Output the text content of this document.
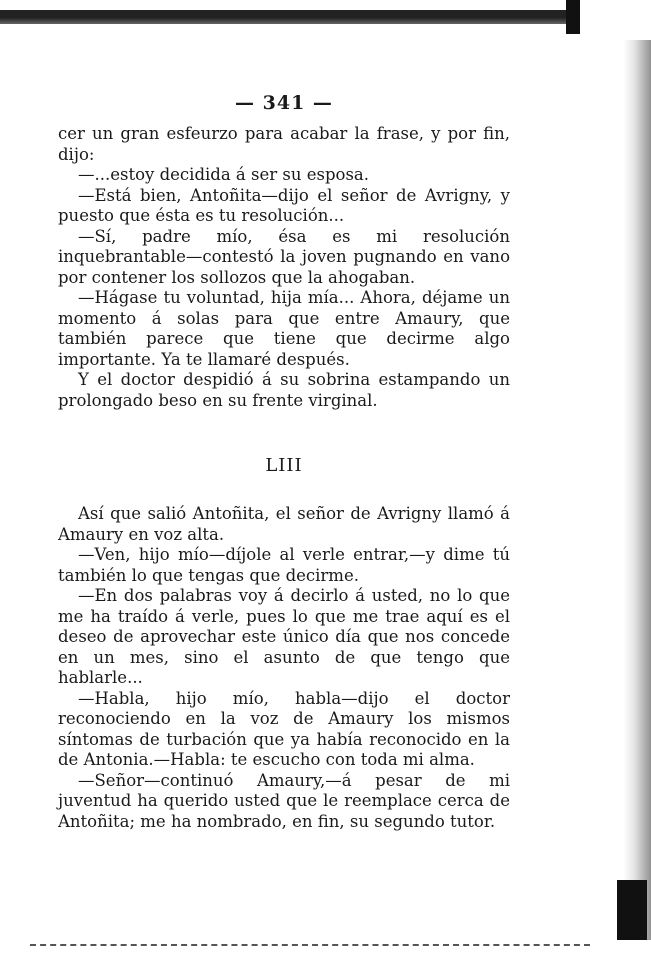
— 341 —

cer un gran esfeurzo para acabar la frase, y por fin, dijo:

—...estoy decidida á ser su esposa.

—Está bien, Antoñita—dijo el señor de Avrigny, y puesto que ésta es tu resolución...

—Sí, padre mío, ésa es mi resolución inquebrantable—contestó la joven pugnando en vano por contener los sollozos que la ahogaban.

—Hágase tu voluntad, hija mía... Ahora, déjame un momento á solas para que entre Amaury, que también parece que tiene que decirme algo importante. Ya te llamaré después.

Y el doctor despidió á su sobrina estampando un prolongado beso en su frente virginal.

LIII

Así que salió Antoñita, el señor de Avrigny llamó á Amaury en voz alta.

—Ven, hijo mío—díjole al verle entrar,—y dime tú también lo que tengas que decirme.

—En dos palabras voy á decirlo á usted, no lo que me ha traído á verle, pues lo que me trae aquí es el deseo de aprovechar este único día que nos concede en un mes, sino el asunto de que tengo que hablarle...

—Habla, hijo mío, habla—dijo el doctor reconociendo en la voz de Amaury los mismos síntomas de turbación que ya había reconocido en la de Antonia.—Habla: te escucho con toda mi alma.

—Señor—continuó Amaury,—á pesar de mi juventud ha querido usted que le reemplace cerca de Antoñita; me ha nombrado, en fin, su segundo tutor.
